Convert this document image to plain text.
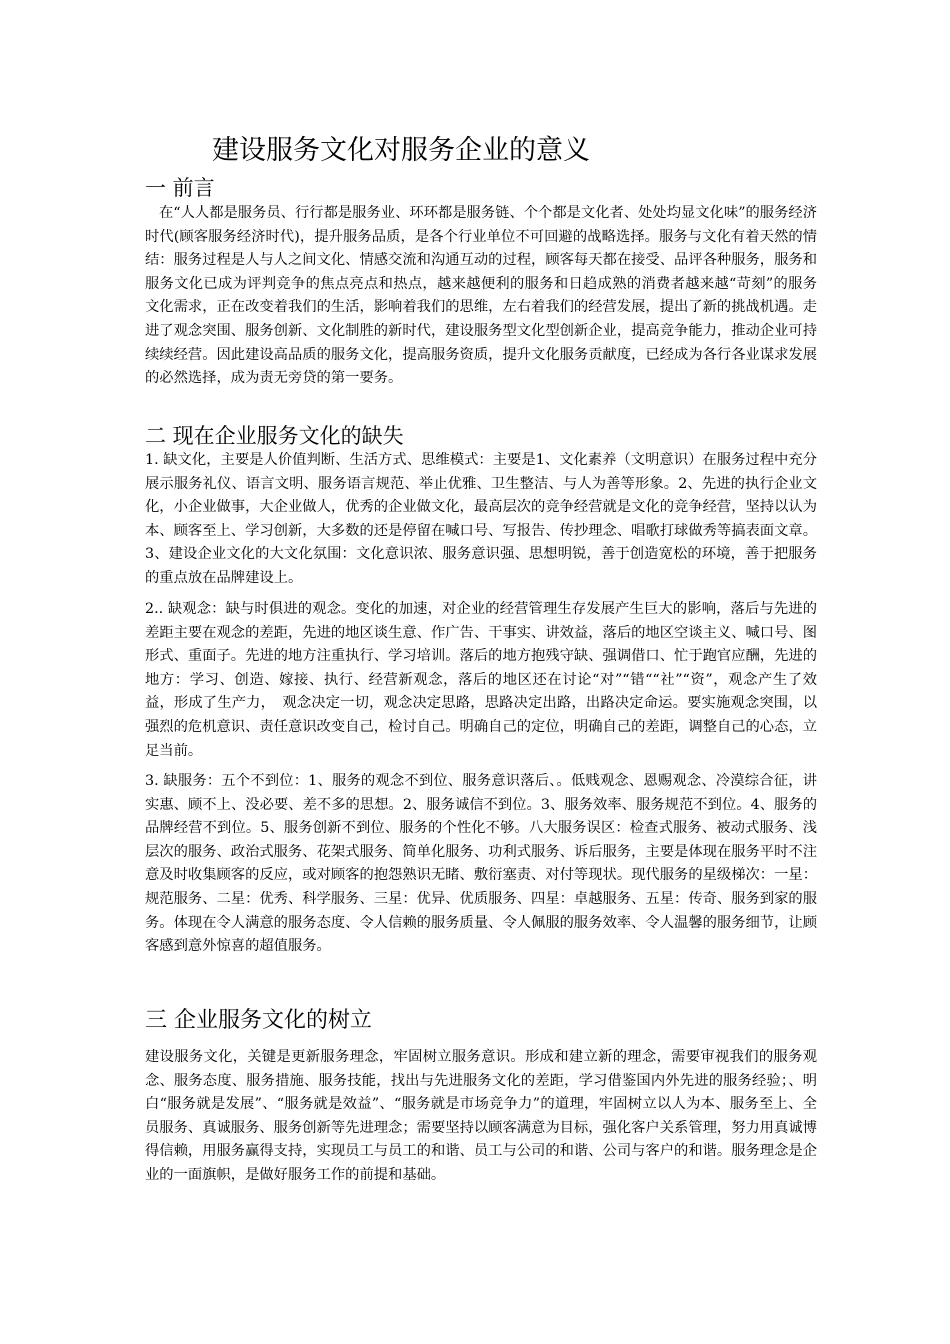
建设服务文化对服务企业的意义
一 前言

在“人人都是服务员、行行都是服务业、环环都是服务链、个个都是文化者、处处均显文化味”的服务经济时代(顾客服务经济时代)，提升服务品质，是各个行业单位不可回避的战略选择。服务与文化有着天然的情结：服务过程是人与人之间文化、情感交流和沟通互动的过程，顾客每天都在接受、品评各种服务，服务和服务文化已成为评判竞争的焦点亮点和热点，越来越便利的服务和日趋成熟的消费者越来越“苛刻”的服务文化需求，正在改变着我们的生活，影响着我们的思维，左右着我们的经营发展，提出了新的挑战机遇。走进了观念突围、服务创新、文化制胜的新时代，建设服务型文化型创新企业，提高竞争能力，推动企业可持续续经营。因此建设高品质的服务文化，提高服务资质，提升文化服务贡献度，已经成为各行各业谋求发展的必然选择，成为责无旁贷的第一要务。

二 现在企业服务文化的缺失

1. 缺文化，主要是人价值判断、生活方式、思维模式：主要是1、文化素养（文明意识）在服务过程中充分展示服务礼仪、语言文明、服务语言规范、举止优雅、卫生整洁、与人为善等形象。2、先进的执行企业文化，小企业做事，大企业做人，优秀的企业做文化，最高层次的竞争经营就是文化的竞争经营，坚持以认为本、顾客至上、学习创新，大多数的还是停留在喊口号、写报告、传抄理念、唱歌打球做秀等搞表面文章。3、建设企业文化的大文化氛围：文化意识浓、服务意识强、思想明锐，善于创造宽松的环境，善于把服务的重点放在品牌建设上。

2.. 缺观念：缺与时俱进的观念。变化的加速，对企业的经营管理生存发展产生巨大的影响，落后与先进的差距主要在观念的差距，先进的地区谈生意、作广告、干事实、讲效益，落后的地区空谈主义、喊口号、图形式、重面子。先进的地方注重执行、学习培训。落后的地方抱残守缺、强调借口、忙于跑官应酬，先进的地方：学习、创造、嫁接、执行、经营新观念，落后的地区还在讨论“对”“错““社”“资”，观念产生了效益，形成了生产力，　观念决定一切，观念决定思路，思路决定出路，出路决定命运。要实施观念突围，以强烈的危机意识、责任意识改变自己，检讨自己。明确自己的定位，明确自己的差距，调整自己的心态，立足当前。

3. 缺服务：五个不到位：1、服务的观念不到位、服务意识落后、。低贱观念、恩赐观念、冷漠综合征，讲实惠、顾不上、没必要、差不多的思想。2、服务诚信不到位。3、服务效率、服务规范不到位。4、服务的品牌经营不到位。5、服务创新不到位、服务的个性化不够。八大服务误区：检查式服务、被动式服务、浅层次的服务、政治式服务、花架式服务、简单化服务、功利式服务、诉后服务，主要是体现在服务平时不注意及时收集顾客的反应，或对顾客的抱怨熟识无睹、敷衍塞责、对付等现状。现代服务的星级梯次：一星：规范服务、二星：优秀、科学服务、三星：优异、优质服务、四星：卓越服务、五星：传奇、服务到家的服务。体现在令人满意的服务态度、令人信赖的服务质量、令人佩服的服务效率、令人温馨的服务细节，让顾客感到意外惊喜的超值服务。

三 企业服务文化的树立

建设服务文化，关键是更新服务理念，牢固树立服务意识。形成和建立新的理念，需要审视我们的服务观念、服务态度、服务措施、服务技能，找出与先进服务文化的差距，学习借鉴国内外先进的服务经验；、明白“服务就是发展”、“服务就是效益”、“服务就是市场竞争力”的道理，牢固树立以人为本、服务至上、全员服务、真诚服务、服务创新等先进理念；需要坚持以顾客满意为目标，强化客户关系管理，努力用真诚博得信赖，用服务赢得支持，实现员工与员工的和谐、员工与公司的和谐、公司与客户的和谐。服务理念是企业的一面旗帜，是做好服务工作的前提和基础。
